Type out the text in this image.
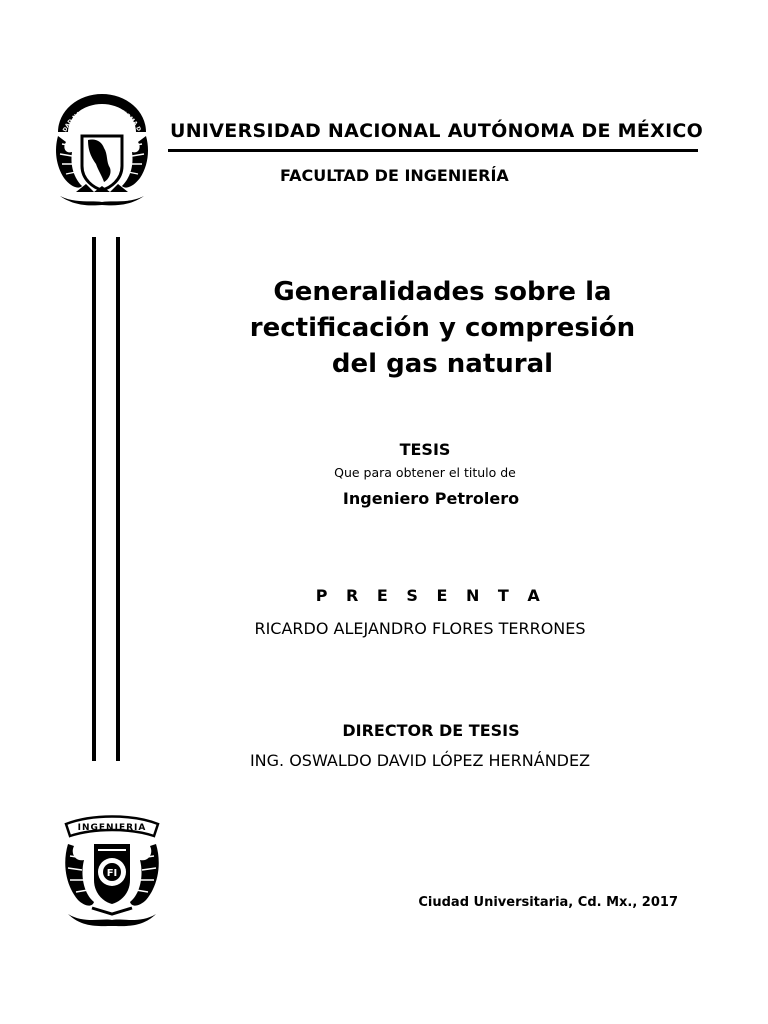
DAD NACIONAL AUTONOMA D UNIVERSIDAD NACIONAL AUTÓNOMA DE MÉXICO
FACULTAD DE INGENIERÍA
Generalidades sobre la
rectificación y compresión
del gas natural
TESIS
Que para obtener el titulo de
Ingeniero Petrolero
P R E S E N T A
RICARDO ALEJANDRO FLORES TERRONES
DIRECTOR DE TESIS
ING. OSWALDO DAVID LÓPEZ HERNÁNDEZ
INGENIERIA
FI
Ciudad Universitaria, Cd. Mx., 2017
